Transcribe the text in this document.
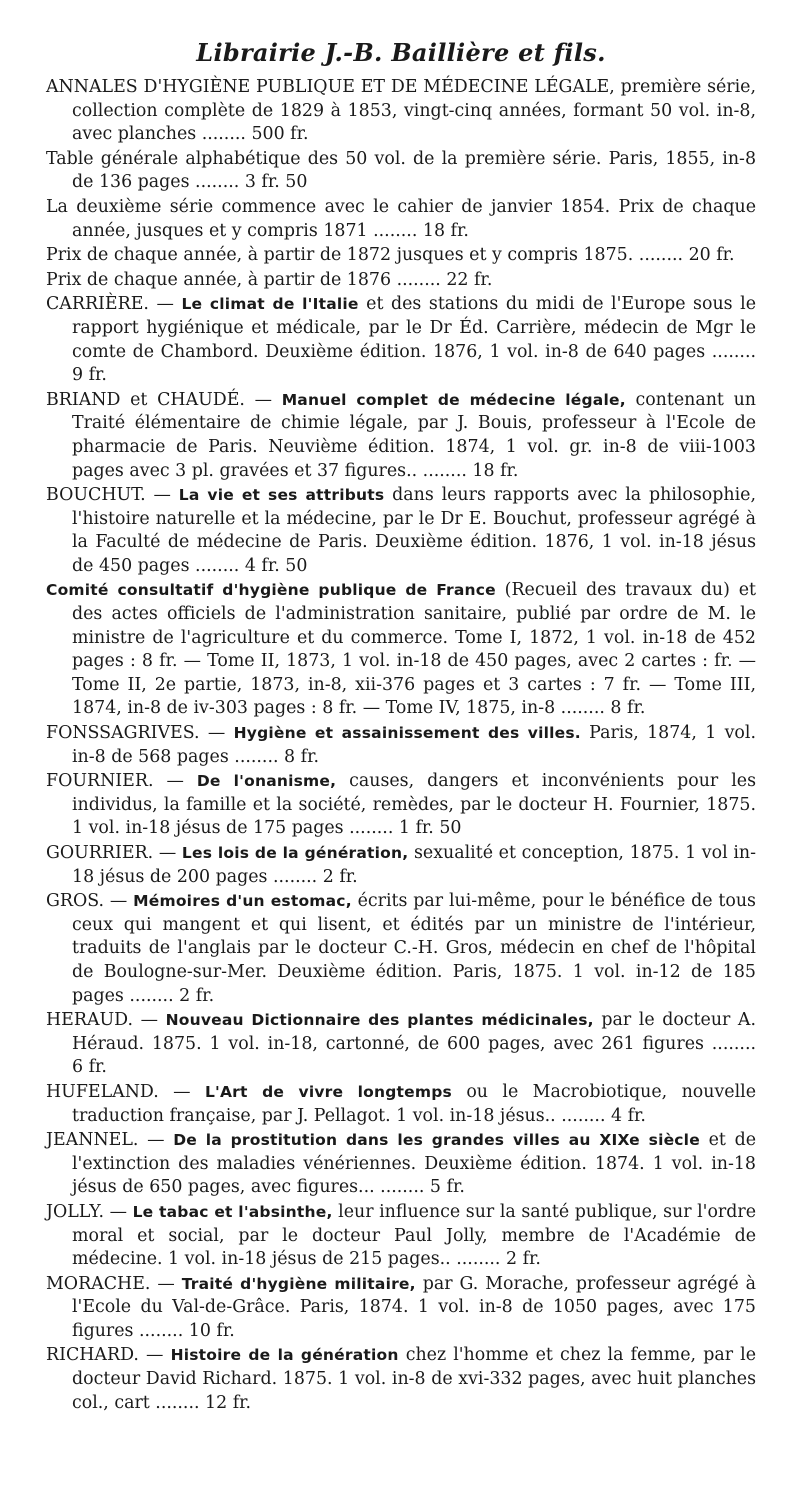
Librairie J.-B. Baillière et fils.
ANNALES D'HYGIÈNE PUBLIQUE ET DE MÉDECINE LÉGALE, première série, collection complète de 1829 à 1853, vingt-cinq années, formant 50 vol. in-8, avec planches ........ 500 fr.
Table générale alphabétique des 50 vol. de la première série. Paris, 1855, in-8 de 136 pages ........ 3 fr. 50
La deuxième série commence avec le cahier de janvier 1854. Prix de chaque année, jusques et y compris 1871 ........ 18 fr.
Prix de chaque année, à partir de 1872 jusques et y compris 1875. ........ 20 fr.
Prix de chaque année, à partir de 1876 ........ 22 fr.
CARRIÈRE. — Le climat de l'Italie et des stations du midi de l'Europe sous le rapport hygiénique et médicale, par le Dr Éd. Carrière, médecin de Mgr le comte de Chambord. Deuxième édition. 1876, 1 vol. in-8 de 640 pages ........ 9 fr.
BRIAND et CHAUDÉ. — Manuel complet de médecine légale, contenant un Traité élémentaire de chimie légale, par J. Bouis, professeur à l'Ecole de pharmacie de Paris. Neuvième édition. 1874, 1 vol. gr. in-8 de viii-1003 pages avec 3 pl. gravées et 37 figures.. ........ 18 fr.
BOUCHUT. — La vie et ses attributs dans leurs rapports avec la philosophie, l'histoire naturelle et la médecine, par le Dr E. Bouchut, professeur agrégé à la Faculté de médecine de Paris. Deuxième édition. 1876, 1 vol. in-18 jésus de 450 pages ........ 4 fr. 50
Comité consultatif d'hygiène publique de France (Recueil des travaux du) et des actes officiels de l'administration sanitaire, publié par ordre de M. le ministre de l'agriculture et du commerce. Tome I, 1872, 1 vol. in-18 de 452 pages : 8 fr. — Tome II, 1873, 1 vol. in-18 de 450 pages, avec 2 cartes : fr. — Tome II, 2e partie, 1873, in-8, xii-376 pages et 3 cartes : 7 fr. — Tome III, 1874, in-8 de iv-303 pages : 8 fr. — Tome IV, 1875, in-8 ........ 8 fr.
FONSSAGRIVES. — Hygiène et assainissement des villes. Paris, 1874, 1 vol. in-8 de 568 pages ........ 8 fr.
FOURNIER. — De l'onanisme, causes, dangers et inconvénients pour les individus, la famille et la société, remèdes, par le docteur H. Fournier, 1875. 1 vol. in-18 jésus de 175 pages ........ 1 fr. 50
GOURRIER. — Les lois de la génération, sexualité et conception, 1875. 1 vol in-18 jésus de 200 pages ........ 2 fr.
GROS. — Mémoires d'un estomac, écrits par lui-même, pour le bénéfice de tous ceux qui mangent et qui lisent, et édités par un ministre de l'intérieur, traduits de l'anglais par le docteur C.-H. Gros, médecin en chef de l'hôpital de Boulogne-sur-Mer. Deuxième édition. Paris, 1875. 1 vol. in-12 de 185 pages ........ 2 fr.
HERAUD. — Nouveau Dictionnaire des plantes médicinales, par le docteur A. Héraud. 1875. 1 vol. in-18, cartonné, de 600 pages, avec 261 figures ........ 6 fr.
HUFELAND. — L'Art de vivre longtemps ou le Macrobiotique, nouvelle traduction française, par J. Pellagot. 1 vol. in-18 jésus.. ........ 4 fr.
JEANNEL. — De la prostitution dans les grandes villes au XIXe siècle et de l'extinction des maladies vénériennes. Deuxième édition. 1874. 1 vol. in-18 jésus de 650 pages, avec figures... ........ 5 fr.
JOLLY. — Le tabac et l'absinthe, leur influence sur la santé publique, sur l'ordre moral et social, par le docteur Paul Jolly, membre de l'Académie de médecine. 1 vol. in-18 jésus de 215 pages.. ........ 2 fr.
MORACHE. — Traité d'hygiène militaire, par G. Morache, professeur agrégé à l'Ecole du Val-de-Grâce. Paris, 1874. 1 vol. in-8 de 1050 pages, avec 175 figures ........ 10 fr.
RICHARD. — Histoire de la génération chez l'homme et chez la femme, par le docteur David Richard. 1875. 1 vol. in-8 de xvi-332 pages, avec huit planches col., cart ........ 12 fr.
